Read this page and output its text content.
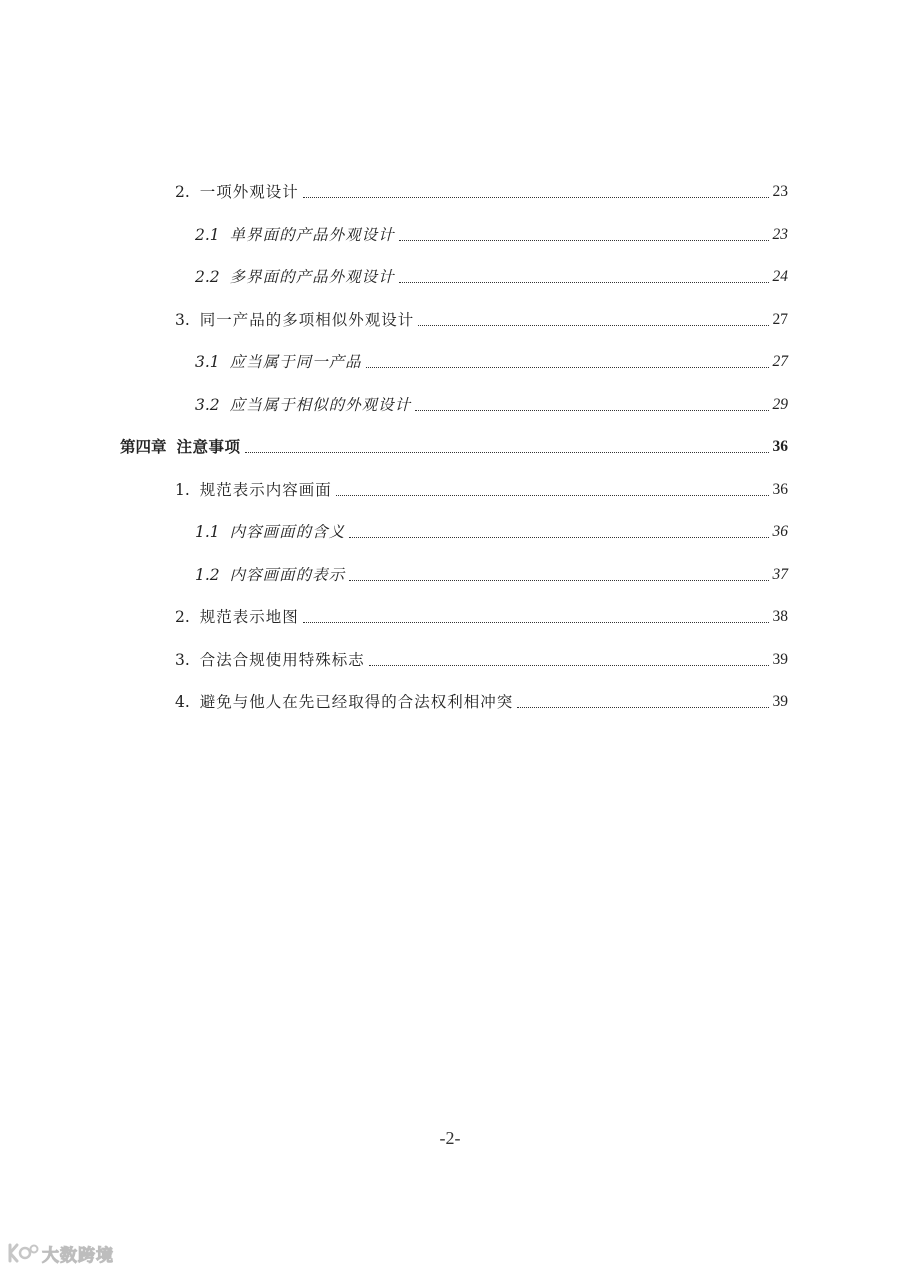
2. 一项外观设计	23
2.1 单界面的产品外观设计	23
2.2 多界面的产品外观设计	24
3. 同一产品的多项相似外观设计	27
3.1 应当属于同一产品	27
3.2 应当属于相似的外观设计	29
第四章 注意事项	36
1. 规范表示内容画面	36
1.1 内容画面的含义	36
1.2 内容画面的表示	37
2. 规范表示地图	38
3. 合法合规使用特殊标志	39
4. 避免与他人在先已经取得的合法权利相冲突	39
-2-
大数跨境
